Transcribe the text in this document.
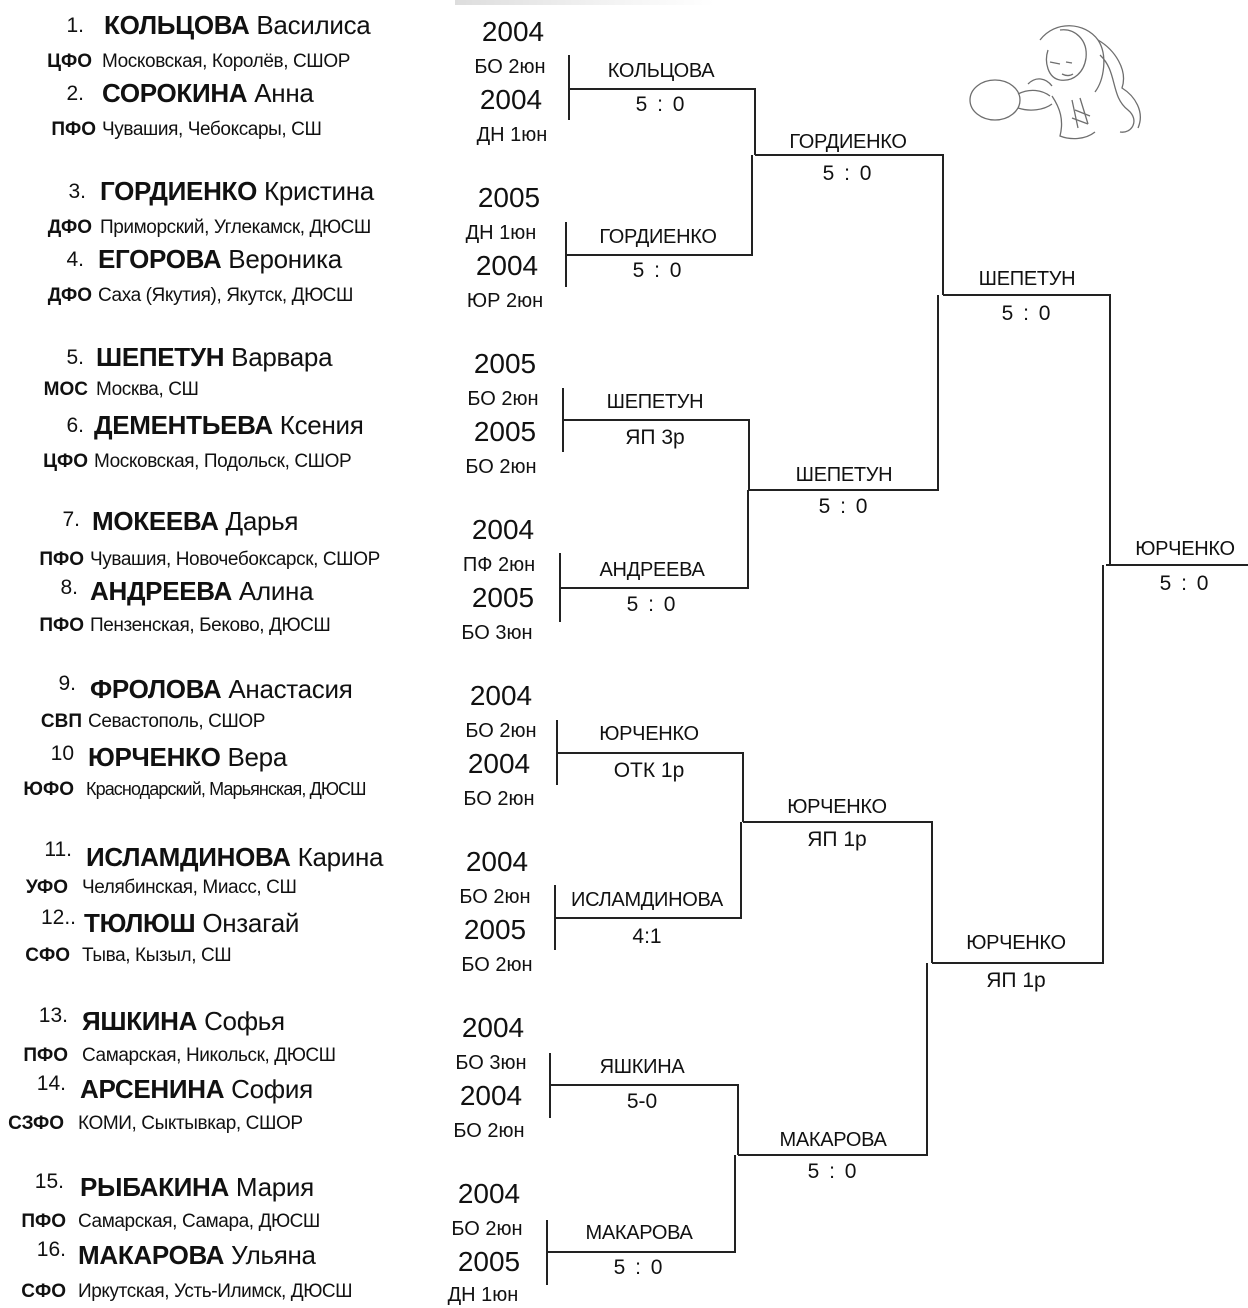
1. КОЛЬЦОВА Василиса
ЦФО Московская, Королёв, СШОР
2004
БО 2юн
2. СОРОКИНА Анна
ПФО Чувашия, Чебоксары, СШ
2004
ДН 1юн
3. ГОРДИЕНКО Кристина
ДФО Приморский, Углекамск, ДЮСШ
2005
ДН 1юн
4. ЕГОРОВА Вероника
ДФО Саха (Якутия), Якутск, ДЮСШ
2004
ЮР 2юн
5. ШЕПЕТУН Варвара
МОС Москва, СШ
2005
БО 2юн
6. ДЕМЕНТЬЕВА Ксения
ЦФО Московская, Подольск, СШОР
2005
БО 2юн
7. МОКЕЕВА Дарья
ПФО Чувашия, Новочебоксарск, СШОР
2004
ПФ 2юн
8. АНДРЕЕВА Алина
ПФО Пензенская, Беково, ДЮСШ
2005
БО 3юн
9. ФРОЛОВА Анастасия
СВП Севастополь, СШОР
2004
БО 2юн
10 ЮРЧЕНКО Вера
ЮФО Краснодарский, Марьянская, ДЮСШ
2004
БО 2юн
11. ИСЛАМДИНОВА Карина
УФО Челябинская, Миасс, СШ
2004
БО 2юн
12.. ТЮЛЮШ Онзагай
СФО Тыва, Кызыл, СШ
2005
БО 2юн
13. ЯШКИНА Софья
ПФО Самарская, Никольск, ДЮСШ
2004
БО 3юн
14. АРСЕНИНА София
СЗФО КОМИ, Сыктывкар, СШОР
2004
БО 2юн
15. РЫБАКИНА Мария
ПФО Самарская, Самара, ДЮСШ
2004
БО 2юн
16. МАКАРОВА Ульяна
СФО Иркутская, Усть-Илимск, ДЮСШ
2005
ДН 1юн
КОЛЬЦОВА
5 : 0
ГОРДИЕНКО
5 : 0
ШЕПЕТУН
ЯП 3р
АНДРЕЕВА
5 : 0
ЮРЧЕНКО
ОТК 1р
ИСЛАМДИНОВА
4:1
ЯШКИНА
5-0
МАКАРОВА
5 : 0
ГОРДИЕНКО
5 : 0
ШЕПЕТУН
5 : 0
ЮРЧЕНКО
ЯП 1р
МАКАРОВА
5 : 0
ШЕПЕТУН
5 : 0
ЮРЧЕНКО
ЯП 1р
ЮРЧЕНКО
5 : 0
